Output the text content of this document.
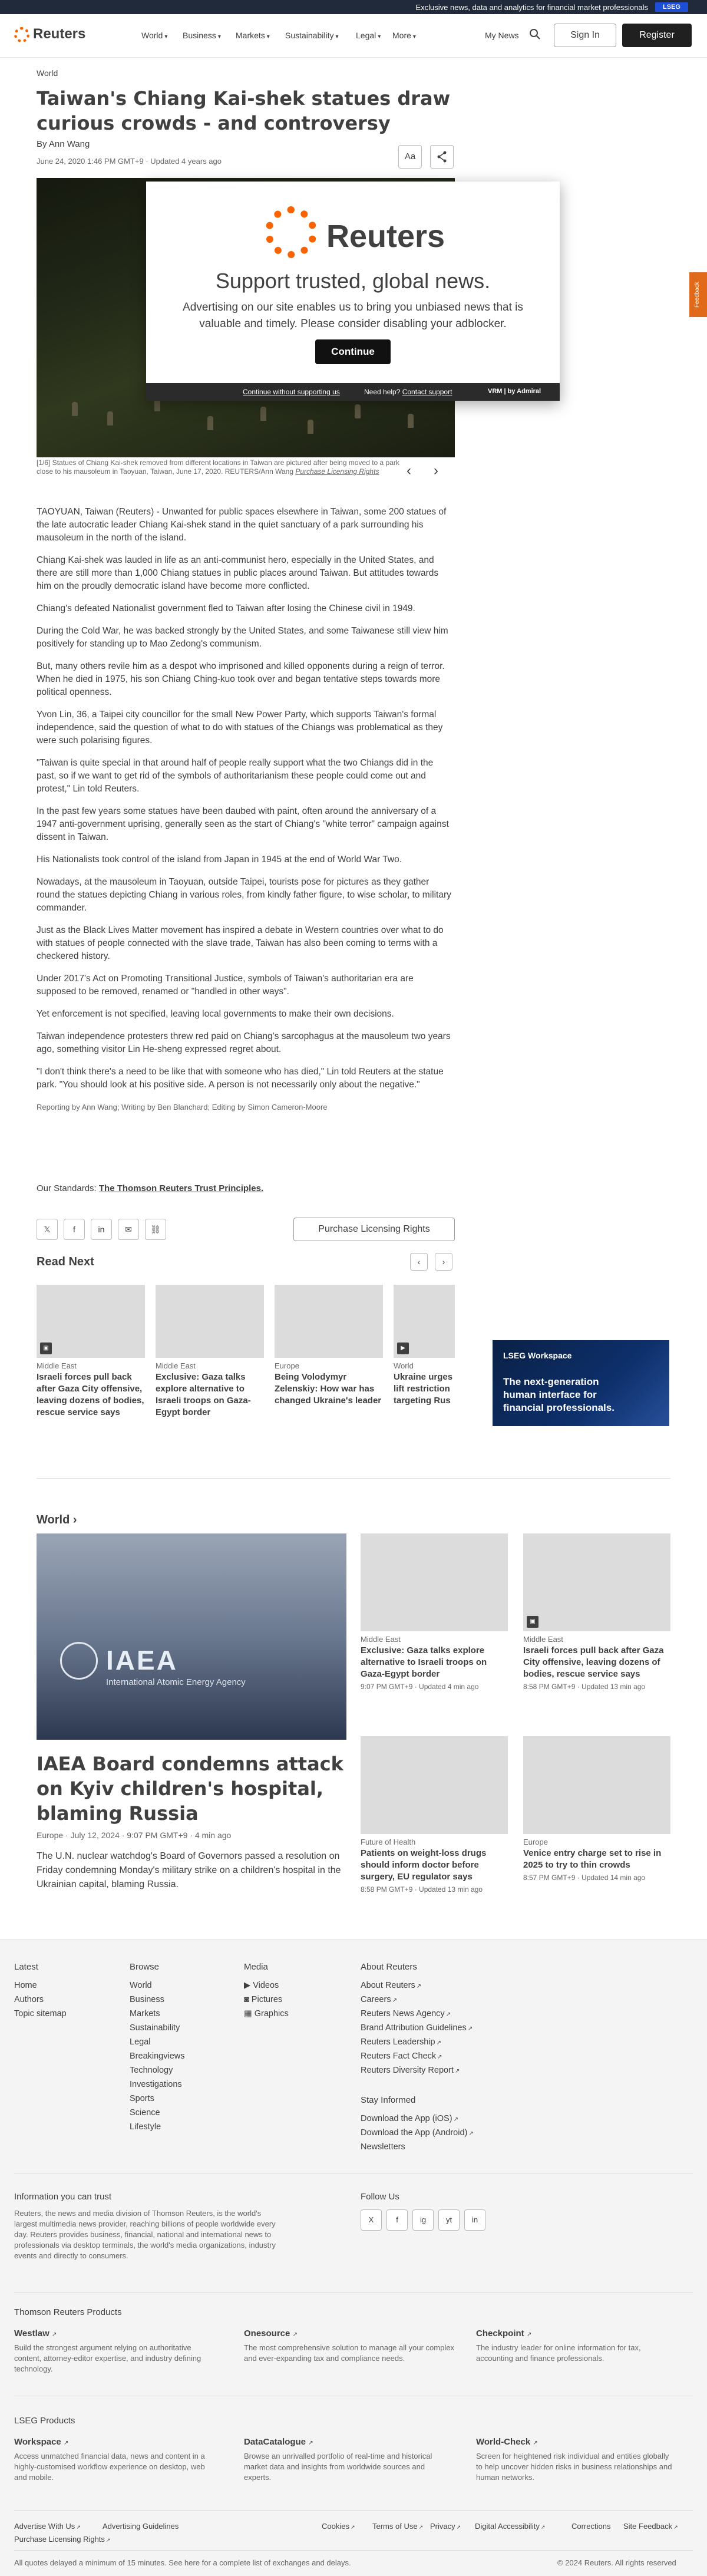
Exclusive news, data and analytics for financial market professionals	LSEG
Reuters	World ▾ Business ▾ Markets ▾ Sustainability ▾ Legal ▾ More ▾	My News	Sign In	Register
World
Taiwan's Chiang Kai-shek statues draw curious crowds - and controversy
By Ann Wang
June 24, 2020 1:46 PM GMT+9 · Updated 4 years ago	Aa
[1/6] Statues of Chiang Kai-shek removed from different locations in Taiwan are pictured after being moved to a park close to his mausoleum in Taoyuan, Taiwan, June 17, 2020. REUTERS/Ann Wang Purchase Licensing Rights	‹ ›
Reuters
Support trusted, global news.
Advertising on our site enables us to bring you unbiased news that is valuable and timely. Please consider disabling your adblocker.
Continue
Continue without supporting us	Need help? Contact support	VRM | by Admiral
Feedback

TAOYUAN, Taiwan (Reuters) - Unwanted for public spaces elsewhere in Taiwan, some 200 statues of the late autocratic leader Chiang Kai-shek stand in the quiet sanctuary of a park surrounding his mausoleum in the north of the island.

Chiang Kai-shek was lauded in life as an anti-communist hero, especially in the United States, and there are still more than 1,000 Chiang statues in public places around Taiwan. But attitudes towards him on the proudly democratic island have become more conflicted.

Chiang's defeated Nationalist government fled to Taiwan after losing the Chinese civil in 1949.

During the Cold War, he was backed strongly by the United States, and some Taiwanese still view him positively for standing up to Mao Zedong's communism.

But, many others revile him as a despot who imprisoned and killed opponents during a reign of terror. When he died in 1975, his son Chiang Ching-kuo took over and began tentative steps towards more political openness.

Yvon Lin, 36, a Taipei city councillor for the small New Power Party, which supports Taiwan's formal independence, said the question of what to do with statues of the Chiangs was problematical as they were such polarising figures.

"Taiwan is quite special in that around half of people really support what the two Chiangs did in the past, so if we want to get rid of the symbols of authoritarianism these people could come out and protest," Lin told Reuters.

In the past few years some statues have been daubed with paint, often around the anniversary of a 1947 anti-government uprising, generally seen as the start of Chiang's "white terror" campaign against dissent in Taiwan.

His Nationalists took control of the island from Japan in 1945 at the end of World War Two.

Nowadays, at the mausoleum in Taoyuan, outside Taipei, tourists pose for pictures as they gather round the statues depicting Chiang in various roles, from kindly father figure, to wise scholar, to military commander.

Just as the Black Lives Matter movement has inspired a debate in Western countries over what to do with statues of people connected with the slave trade, Taiwan has also been coming to terms with a checkered history.

Under 2017's Act on Promoting Transitional Justice, symbols of Taiwan's authoritarian era are supposed to be removed, renamed or "handled in other ways".

Yet enforcement is not specified, leaving local governments to make their own decisions.

Taiwan independence protesters threw red paid on Chiang's sarcophagus at the mausoleum two years ago, something visitor Lin He-sheng expressed regret about.

"I don't think there's a need to be like that with someone who has died," Lin told Reuters at the statue park. "You should look at his positive side. A person is not necessarily only about the negative."

Reporting by Ann Wang; Writing by Ben Blanchard; Editing by Simon Cameron-Moore

Our Standards: The Thomson Reuters Trust Principles.
𝕏	f	in	✉	⛓	Purchase Licensing Rights
Read Next	‹	›
▣
Middle East
Israeli forces pull back after Gaza City offensive, leaving dozens of bodies, rescue service says
Middle East
Exclusive: Gaza talks explore alternative to Israeli troops on Gaza-Egypt border
Europe
Being Volodymyr Zelenskiy: How war has changed Ukraine's leader
▶
World
Ukraine urges lift restriction targeting Rus
LSEG Workspace
The next-generation human interface for financial professionals.
World ›
IAEA
International Atomic Energy Agency
IAEA Board condemns attack on Kyiv children's hospital, blaming Russia
Europe · July 12, 2024 · 9:07 PM GMT+9 · 4 min ago

The U.N. nuclear watchdog's Board of Governors passed a resolution on Friday condemning Monday's military strike on a children's hospital in the Ukrainian capital, blaming Russia.

Middle East
Exclusive: Gaza talks explore alternative to Israeli troops on Gaza-Egypt border
9:07 PM GMT+9 · Updated 4 min ago
▣
Middle East
Israeli forces pull back after Gaza City offensive, leaving dozens of bodies, rescue service says
8:58 PM GMT+9 · Updated 13 min ago
Future of Health
Patients on weight-loss drugs should inform doctor before surgery, EU regulator says
8:58 PM GMT+9 · Updated 13 min ago
Europe
Venice entry charge set to rise in 2025 to try to thin crowds
8:57 PM GMT+9 · Updated 14 min ago
Latest	Browse	Media	About Reuters
Home
Authors
Topic sitemap
World
Business
Markets
Sustainability
Legal
Breakingviews
Technology
Investigations
Sports
Science
Lifestyle
▶ Videos
◙ Pictures
▦ Graphics
About Reuters ↗
Careers ↗
Reuters News Agency ↗
Brand Attribution Guidelines ↗
Reuters Leadership ↗
Reuters Fact Check ↗
Reuters Diversity Report ↗
Stay Informed
Download the App (iOS) ↗
Download the App (Android) ↗
Newsletters
Information you can trust
Reuters, the news and media division of Thomson Reuters, is the world's largest multimedia news provider, reaching billions of people worldwide every day. Reuters provides business, financial, national and international news to professionals via desktop terminals, the world's media organizations, industry events and directly to consumers.
Follow Us
X	f	ig	yt	in
Thomson Reuters Products
Westlaw ↗
Build the strongest argument relying on authoritative content, attorney-editor expertise, and industry defining technology.
Onesource ↗
The most comprehensive solution to manage all your complex and ever-expanding tax and compliance needs.
Checkpoint ↗
The industry leader for online information for tax, accounting and finance professionals.
LSEG Products
Workspace ↗
Access unmatched financial data, news and content in a highly-customised workflow experience on desktop, web and mobile.
DataCatalogue ↗
Browse an unrivalled portfolio of real-time and historical market data and insights from worldwide sources and experts.
World-Check ↗
Screen for heightened risk individual and entities globally to help uncover hidden risks in business relationships and human networks.
Advertise With Us ↗	Advertising Guidelines
Purchase Licensing Rights ↗
Cookies ↗ Terms of Use ↗ Privacy ↗ Digital Accessibility ↗	Corrections Site Feedback ↗
All quotes delayed a minimum of 15 minutes. See here for a complete list of exchanges and delays.	© 2024 Reuters. All rights reserved
